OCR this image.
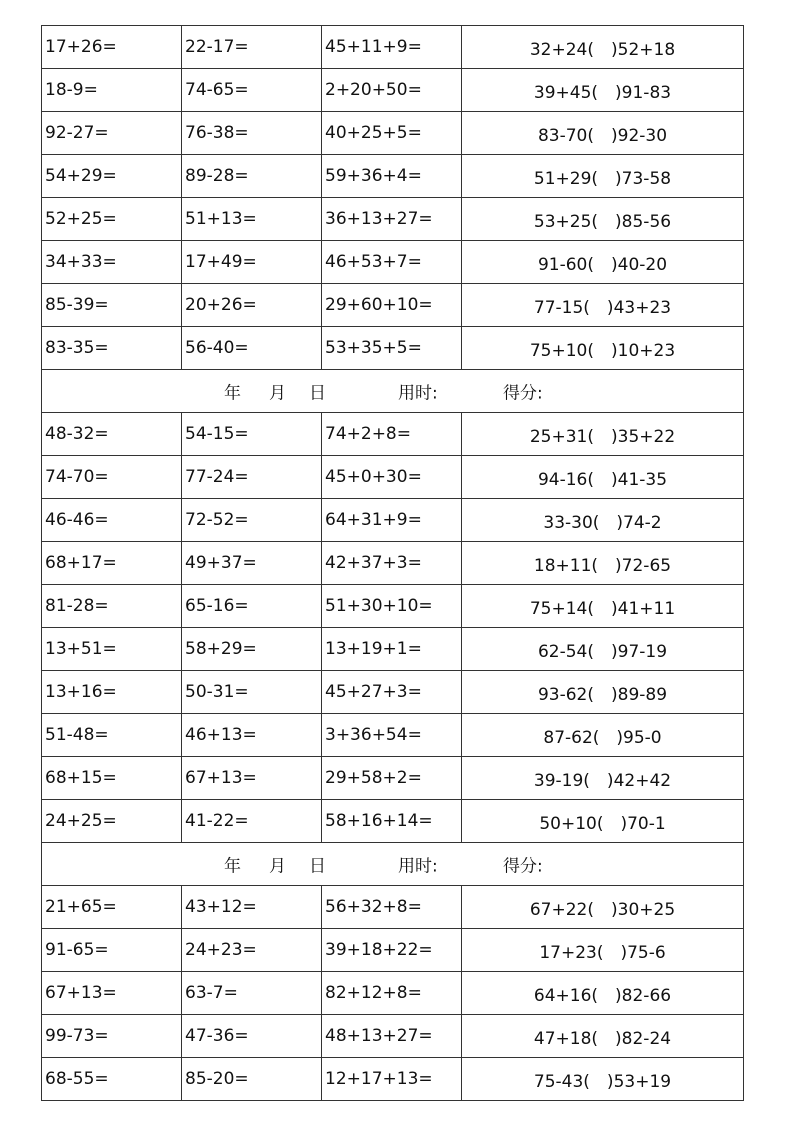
17+26=	22-17=	45+11+9=	32+24(　)52+18
18-9=	74-65=	2+20+50=	39+45(　)91-83
92-27=	76-38=	40+25+5=	83-70(　)92-30
54+29=	89-28=	59+36+4=	51+29(　)73-58
52+25=	51+13=	36+13+27=	53+25(　)85-56
34+33=	17+49=	46+53+7=	91-60(　)40-20
85-39=	20+26=	29+60+10=	77-15(　)43+23
83-35=	56-40=	53+35+5=	75+10(　)10+23

年 月 日 用时: 得分:			

48-32=	54-15=	74+2+8=	25+31(　)35+22
74-70=	77-24=	45+0+30=	94-16(　)41-35
46-46=	72-52=	64+31+9=	33-30(　)74-2
68+17=	49+37=	42+37+3=	18+11(　)72-65
81-28=	65-16=	51+30+10=	75+14(　)41+11
13+51=	58+29=	13+19+1=	62-54(　)97-19
13+16=	50-31=	45+27+3=	93-62(　)89-89
51-48=	46+13=	3+36+54=	87-62(　)95-0
68+15=	67+13=	29+58+2=	39-19(　)42+42
24+25=	41-22=	58+16+14=	50+10(　)70-1

年 月 日 用时: 得分:			

21+65=	43+12=	56+32+8=	67+22(　)30+25
91-65=	24+23=	39+18+22=	17+23(　)75-6
67+13=	63-7=	82+12+8=	64+16(　)82-66
99-73=	47-36=	48+13+27=	47+18(　)82-24
68-55=	85-20=	12+17+13=	75-43(　)53+19
